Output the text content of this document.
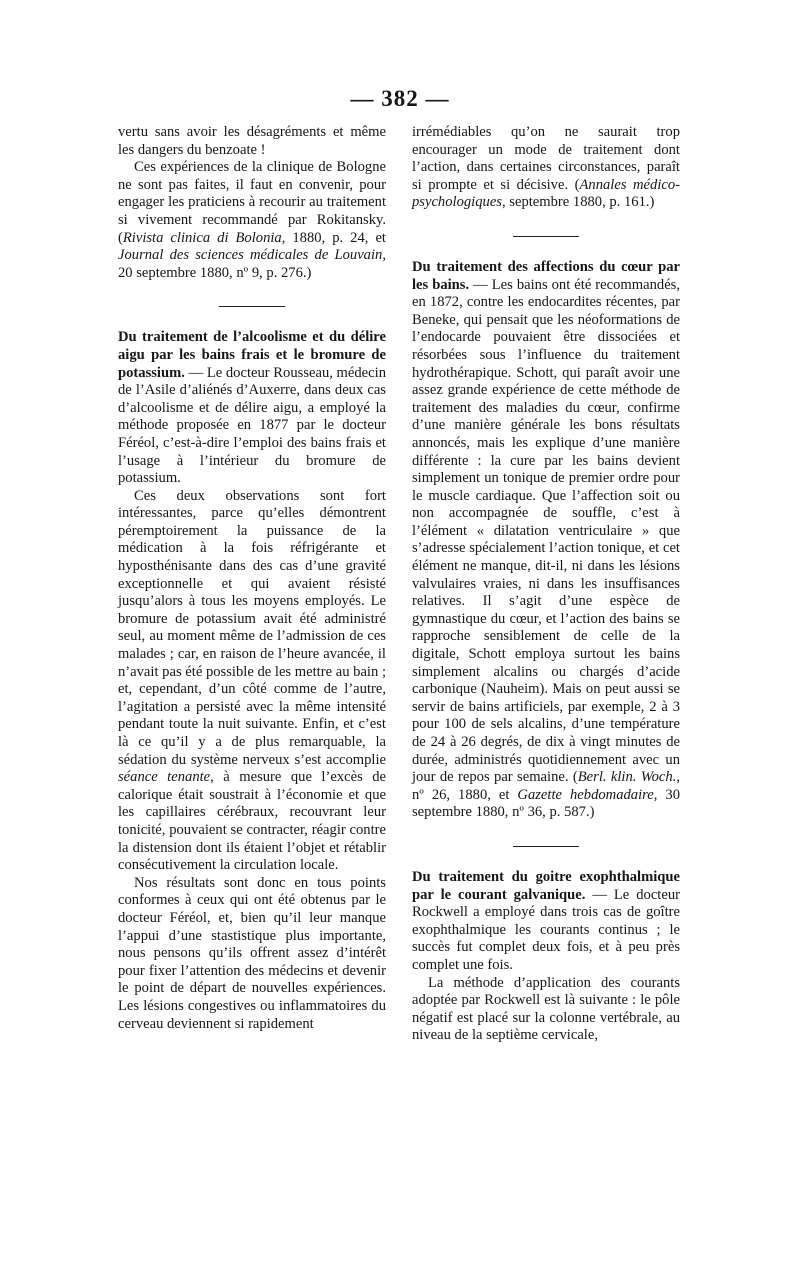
— 382 —

vertu sans avoir les désagréments et même les dangers du benzoate !

Ces expériences de la clinique de Bologne ne sont pas faites, il faut en convenir, pour engager les praticiens à recourir au traitement si vivement recommandé par Rokitansky. (Rivista clinica di Bolonia, 1880, p. 24, et Journal des sciences médicales de Louvain, 20 septembre 1880, nº 9, p. 276.)

Du traitement de l’alcoolisme et du délire aigu par les bains frais et le bromure de potassium. — Le docteur Rousseau, médecin de l’Asile d’aliénés d’Auxerre, dans deux cas d’alcoolisme et de délire aigu, a employé la méthode proposée en 1877 par le docteur Féréol, c’est-à-dire l’emploi des bains frais et l’usage à l’intérieur du bromure de potassium.

Ces deux observations sont fort intéressantes, parce qu’elles démontrent péremptoirement la puissance de la médication à la fois réfrigérante et hyposthénisante dans des cas d’une gravité exceptionnelle et qui avaient résisté jusqu’alors à tous les moyens employés. Le bromure de potassium avait été administré seul, au moment même de l’admission de ces malades ; car, en raison de l’heure avancée, il n’avait pas été possible de les mettre au bain ; et, cependant, d’un côté comme de l’autre, l’agitation a persisté avec la même intensité pendant toute la nuit suivante. Enfin, et c’est là ce qu’il y a de plus remarquable, la sédation du système nerveux s’est accomplie séance tenante, à mesure que l’excès de calorique était soustrait à l’économie et que les capillaires cérébraux, recouvrant leur tonicité, pouvaient se contracter, réagir contre la distension dont ils étaient l’objet et rétablir consécutivement la circulation locale.

Nos résultats sont donc en tous points conformes à ceux qui ont été obtenus par le docteur Féréol, et, bien qu’il leur manque l’appui d’une stastistique plus importante, nous pensons qu’ils offrent assez d’intérêt pour fixer l’attention des médecins et devenir le point de départ de nouvelles expériences. Les lésions congestives ou inflammatoires du cerveau deviennent si rapidement

irrémédiables qu’on ne saurait trop encourager un mode de traitement dont l’action, dans certaines circonstances, paraît si prompte et si décisive. (Annales médico-psychologiques, septembre 1880, p. 161.)

Du traitement des affections du cœur par les bains. — Les bains ont été recommandés, en 1872, contre les endocardites récentes, par Beneke, qui pensait que les néoformations de l’endocarde pouvaient être dissociées et résorbées sous l’influence du traitement hydrothérapique. Schott, qui paraît avoir une assez grande expérience de cette méthode de traitement des maladies du cœur, confirme d’une manière générale les bons résultats annoncés, mais les explique d’une manière différente : la cure par les bains devient simplement un tonique de premier ordre pour le muscle cardiaque. Que l’affection soit ou non accompagnée de souffle, c’est à l’élément « dilatation ventriculaire » que s’adresse spécialement l’action tonique, et cet élément ne manque, dit-il, ni dans les lésions valvulaires vraies, ni dans les insuffisances relatives. Il s’agit d’une espèce de gymnastique du cœur, et l’action des bains se rapproche sensiblement de celle de la digitale, Schott employa surtout les bains simplement alcalins ou chargés d’acide carbonique (Nauheim). Mais on peut aussi se servir de bains artificiels, par exemple, 2 à 3 pour 100 de sels alcalins, d’une température de 24 à 26 degrés, de dix à vingt minutes de durée, administrés quotidiennement avec un jour de repos par semaine. (Berl. klin. Woch., nº 26, 1880, et Gazette hebdomadaire, 30 septembre 1880, nº 36, p. 587.)

Du traitement du goitre exophthalmique par le courant galvanique. — Le docteur Rockwell a employé dans trois cas de goître exophthalmique les courants continus ; le succès fut complet deux fois, et à peu près complet une fois.

La méthode d’application des courants adoptée par Rockwell est là suivante : le pôle négatif est placé sur la colonne vertébrale, au niveau de la septième cervicale,
